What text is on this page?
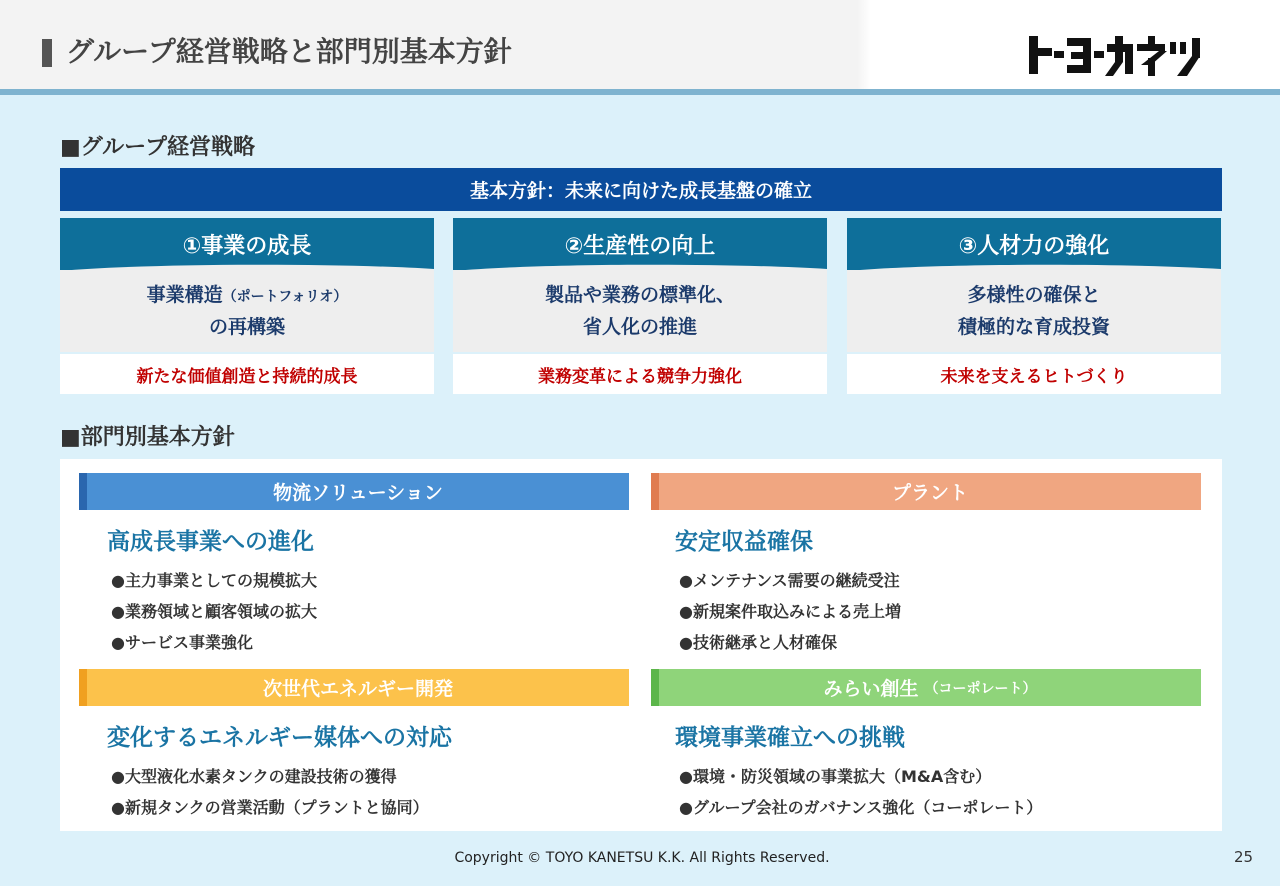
グループ経営戦略と部門別基本方針
■グループ経営戦略
基本方針：未来に向けた成長基盤の確立
①事業の成長
事業構造（ポートフォリオ）
の再構築
新たな価値創造と持続的成長
②生産性の向上
製品や業務の標準化、
省人化の推進
業務変革による競争力強化
③人材力の強化
多様性の確保と
積極的な育成投資
未来を支えるヒトづくり
■部門別基本方針
物流ソリューション
高成長事業への進化
●主力事業としての規模拡大
●業務領域と顧客領域の拡大
●サービス事業強化
プラント
安定収益確保
●メンテナンス需要の継続受注
●新規案件取込みによる売上増
●技術継承と人材確保
次世代エネルギー開発
変化するエネルギー媒体への対応
●大型液化水素タンクの建設技術の獲得
●新規タンクの営業活動（プラントと協同）
みらい創生 （コーポレート）
環境事業確立への挑戦
●環境・防災領域の事業拡大（M&A含む）
●グループ会社のガバナンス強化（コーポレート）
Copyright © TOYO KANETSU K.K. All Rights Reserved.	25
